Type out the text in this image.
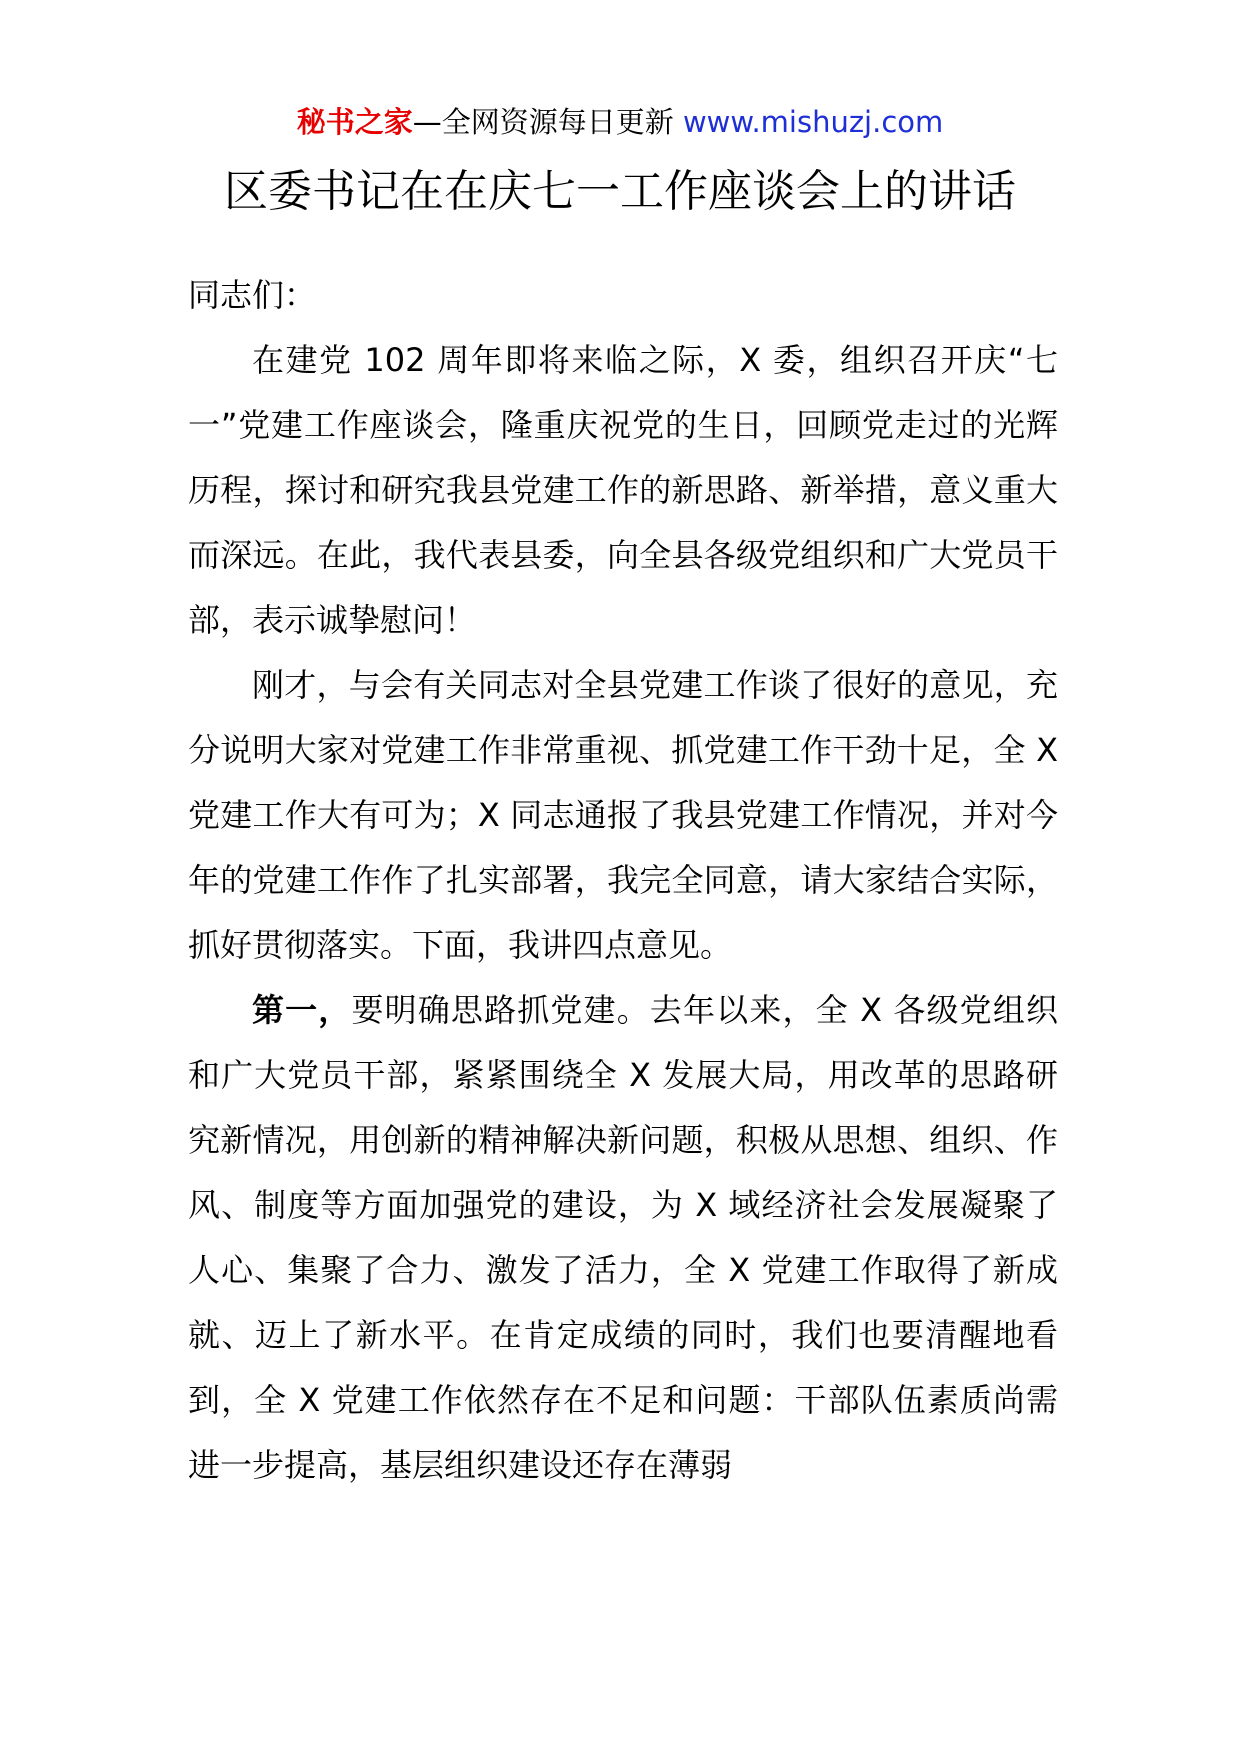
秘书之家—全网资源每日更新 www.mishuzj.com
区委书记在在庆七一工作座谈会上的讲话

同志们：

在建党 102 周年即将来临之际，X 委，组织召开庆“七一”党建工作座谈会，隆重庆祝党的生日，回顾党走过的光辉历程，探讨和研究我县党建工作的新思路、新举措，意义重大而深远。在此，我代表县委，向全县各级党组织和广大党员干部，表示诚挚慰问！

刚才，与会有关同志对全县党建工作谈了很好的意见，充分说明大家对党建工作非常重视、抓党建工作干劲十足，全 X 党建工作大有可为；X 同志通报了我县党建工作情况，并对今年的党建工作作了扎实部署，我完全同意，请大家结合实际，抓好贯彻落实。下面，我讲四点意见。

第一，要明确思路抓党建。去年以来，全 X 各级党组织和广大党员干部，紧紧围绕全 X 发展大局，用改革的思路研究新情况，用创新的精神解决新问题，积极从思想、组织、作风、制度等方面加强党的建设，为 X 域经济社会发展凝聚了人心、集聚了合力、激发了活力，全 X 党建工作取得了新成就、迈上了新水平。在肯定成绩的同时，我们也要清醒地看到，全 X 党建工作依然存在不足和问题：干部队伍素质尚需进一步提高，基层组织建设还存在薄弱
